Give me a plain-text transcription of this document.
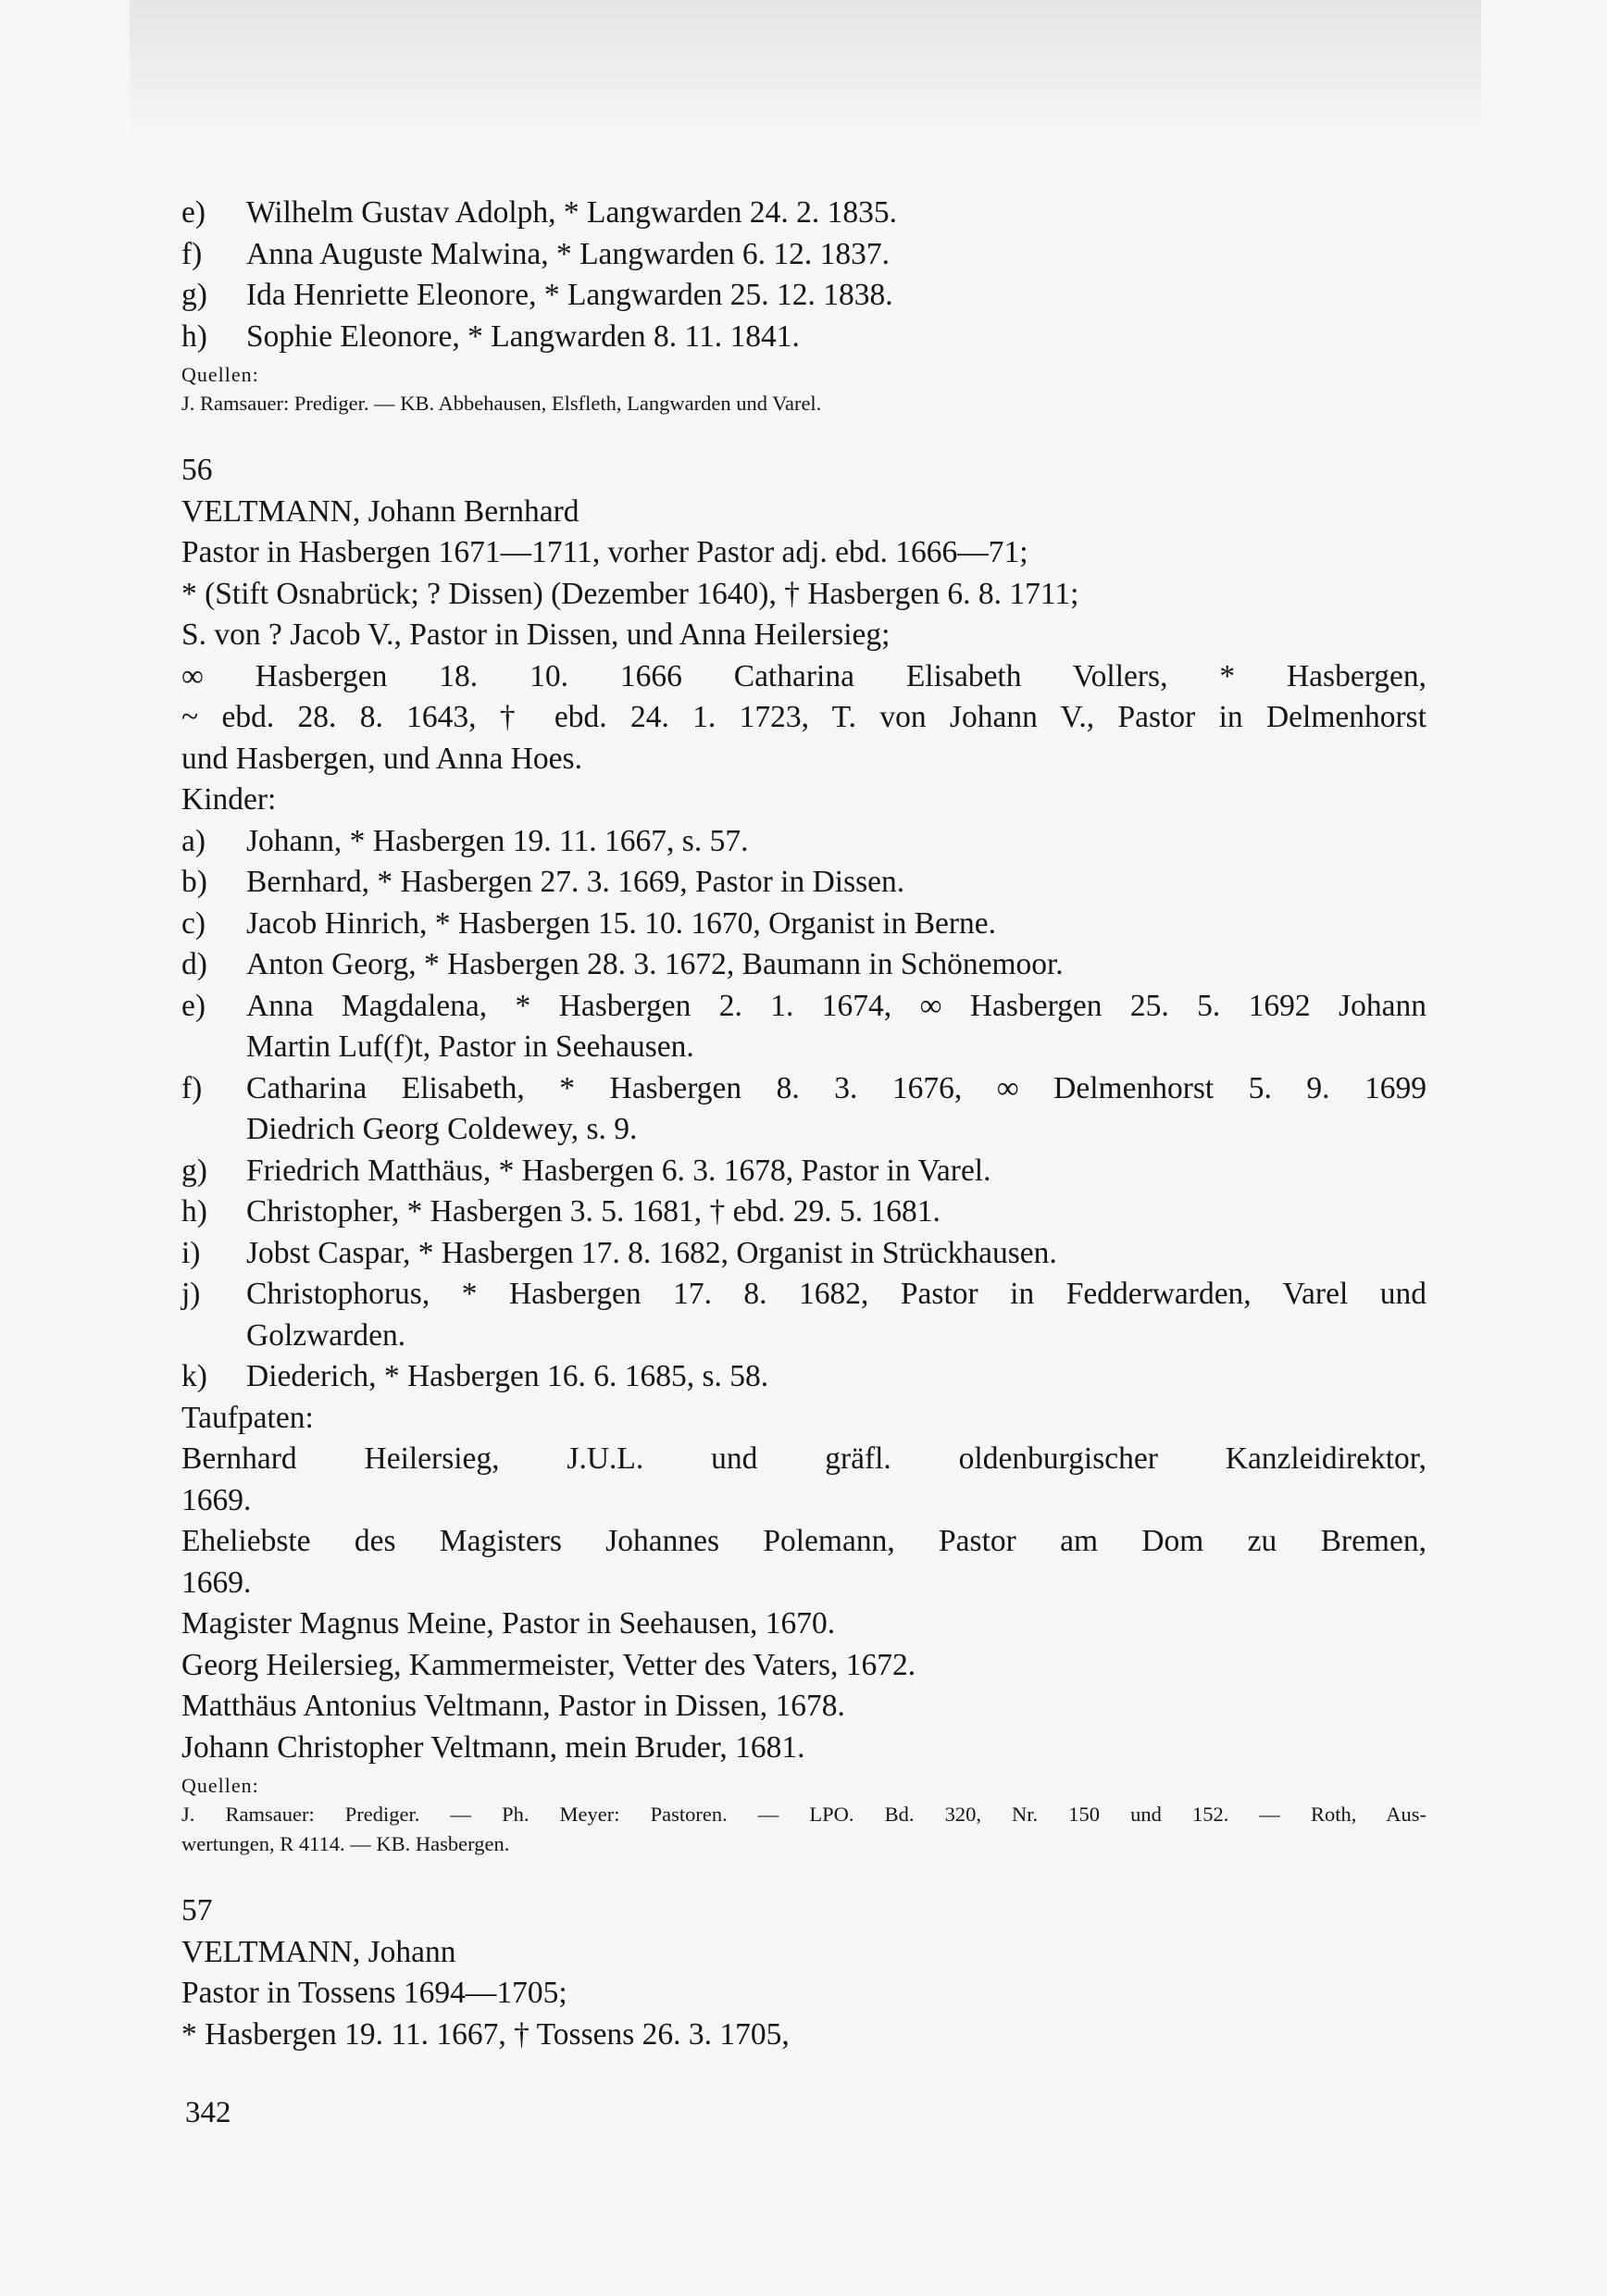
e)	Wilhelm Gustav Adolph, * Langwarden 24. 2. 1835.
f)	Anna Auguste Malwina, * Langwarden 6. 12. 1837.
g)	Ida Henriette Eleonore, * Langwarden 25. 12. 1838.
h)	Sophie Eleonore, * Langwarden 8. 11. 1841.
Quellen:
J. Ramsauer: Prediger. — KB. Abbehausen, Elsfleth, Langwarden und Varel.
56
VELTMANN, Johann Bernhard
Pastor in Hasbergen 1671—1711, vorher Pastor adj. ebd. 1666—71;
* (Stift Osnabrück; ? Dissen) (Dezember 1640), † Hasbergen 6. 8. 1711;
S. von ? Jacob V., Pastor in Dissen, und Anna Heilersieg;
∞ Hasbergen 18. 10. 1666 Catharina Elisabeth Vollers, * Hasbergen,
~ ebd. 28. 8. 1643, † ebd. 24. 1. 1723, T. von Johann V., Pastor in Delmenhorst
und Hasbergen, und Anna Hoes.
Kinder:
a)	Johann, * Hasbergen 19. 11. 1667, s. 57.
b)	Bernhard, * Hasbergen 27. 3. 1669, Pastor in Dissen.
c)	Jacob Hinrich, * Hasbergen 15. 10. 1670, Organist in Berne.
d)	Anton Georg, * Hasbergen 28. 3. 1672, Baumann in Schönemoor.
e)	Anna Magdalena, * Hasbergen 2. 1. 1674, ∞ Hasbergen 25. 5. 1692 Johann
Martin Luf(f)t, Pastor in Seehausen.
f)	Catharina Elisabeth, * Hasbergen 8. 3. 1676, ∞ Delmenhorst 5. 9. 1699
Diedrich Georg Coldewey, s. 9.
g)	Friedrich Matthäus, * Hasbergen 6. 3. 1678, Pastor in Varel.
h)	Christopher, * Hasbergen 3. 5. 1681, † ebd. 29. 5. 1681.
i)	Jobst Caspar, * Hasbergen 17. 8. 1682, Organist in Strückhausen.
j)	Christophorus, * Hasbergen 17. 8. 1682, Pastor in Fedderwarden, Varel und
Golzwarden.
k)	Diederich, * Hasbergen 16. 6. 1685, s. 58.
Taufpaten:
Bernhard Heilersieg, J.U.L. und gräfl. oldenburgischer Kanzleidirektor,
1669.
Eheliebste des Magisters Johannes Polemann, Pastor am Dom zu Bremen,
1669.
Magister Magnus Meine, Pastor in Seehausen, 1670.
Georg Heilersieg, Kammermeister, Vetter des Vaters, 1672.
Matthäus Antonius Veltmann, Pastor in Dissen, 1678.
Johann Christopher Veltmann, mein Bruder, 1681.
Quellen:
J. Ramsauer: Prediger. — Ph. Meyer: Pastoren. — LPO. Bd. 320, Nr. 150 und 152. — Roth, Aus-
wertungen, R 4114. — KB. Hasbergen.
57
VELTMANN, Johann
Pastor in Tossens 1694—1705;
* Hasbergen 19. 11. 1667, † Tossens 26. 3. 1705,
342
